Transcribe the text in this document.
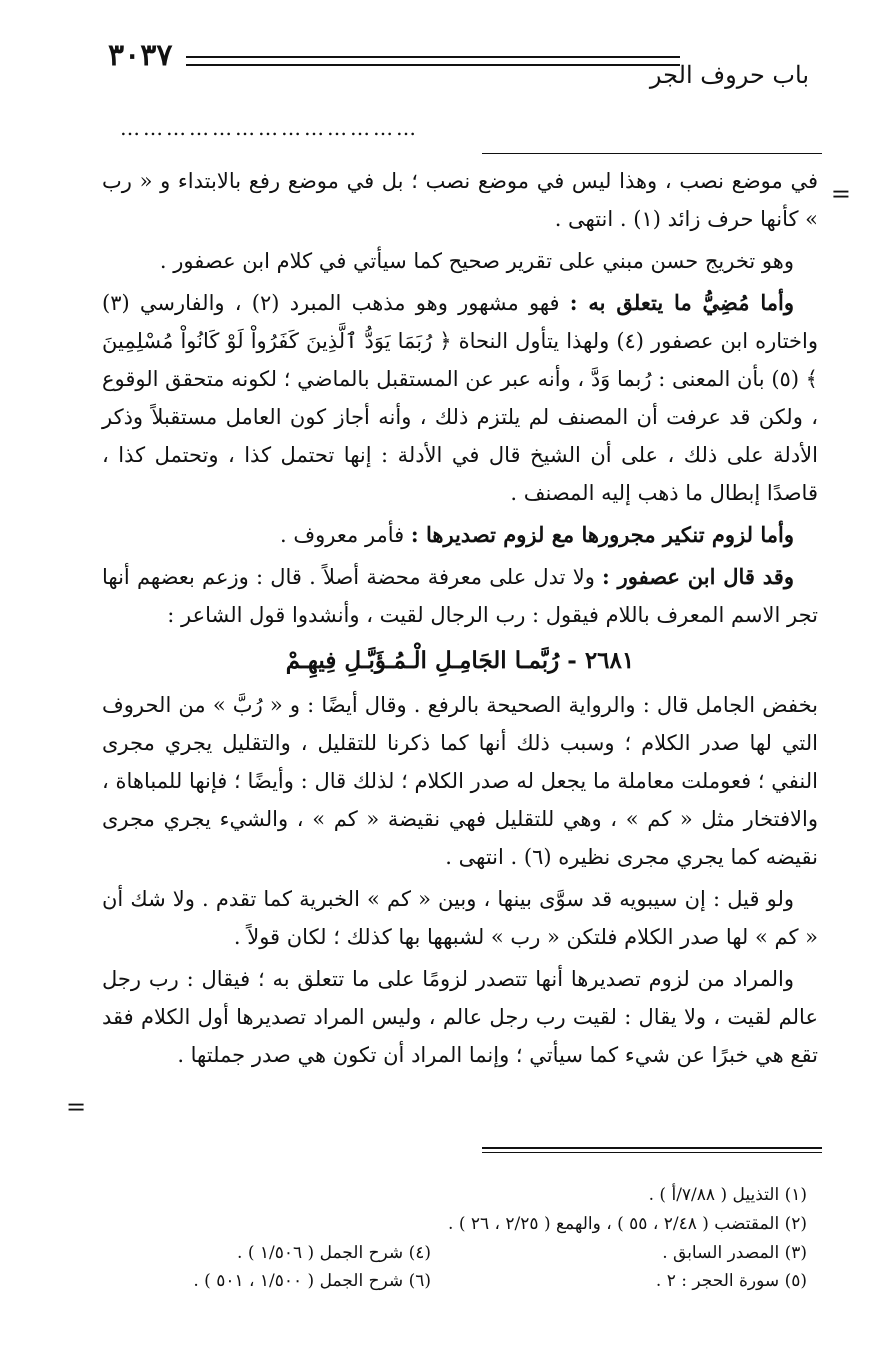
٣٠٣٧
باب حروف الجر
…………………………………
=

في موضع نصب ، وهذا ليس في موضع نصب ؛ بل في موضع رفع بالابتداء و « رب » كأنها حرف زائد (١) . انتهى .

وهو تخريج حسن مبني على تقرير صحيح كما سيأتي في كلام ابن عصفور .

وأما مُضِيُّ ما يتعلق به : فهو مشهور وهو مذهب المبرد (٢) ، والفارسي (٣) واختاره ابن عصفور (٤) ولهذا يتأول النحاة ﴿ رُبَمَا يَوَدُّ ٱلَّذِينَ كَفَرُواْ لَوْ كَانُواْ مُسْلِمِينَ ﴾ (٥) بأن المعنى : رُبما وَدَّ ، وأنه عبر عن المستقبل بالماضي ؛ لكونه متحقق الوقوع ، ولكن قد عرفت أن المصنف لم يلتزم ذلك ، وأنه أجاز كون العامل مستقبلاً وذكر الأدلة على ذلك ، على أن الشيخ قال في الأدلة : إنها تحتمل كذا ، وتحتمل كذا ، قاصدًا إبطال ما ذهب إليه المصنف .

وأما لزوم تنكير مجرورها مع لزوم تصديرها : فأمر معروف .

وقد قال ابن عصفور : ولا تدل على معرفة محضة أصلاً . قال : وزعم بعضهم أنها تجر الاسم المعرف باللام فيقول : رب الرجال لقيت ، وأنشدوا قول الشاعر :

٢٦٨١ - رُبَّمـا الجَامِـلِ الْـمُـؤَبَّـلِ فِيهِـمْ

بخفض الجامل قال : والرواية الصحيحة بالرفع . وقال أيضًا : و « رُبَّ » من الحروف التي لها صدر الكلام ؛ وسبب ذلك أنها كما ذكرنا للتقليل ، والتقليل يجري مجرى النفي ؛ فعوملت معاملة ما يجعل له صدر الكلام ؛ لذلك قال : وأيضًا ؛ فإنها للمباهاة ، والافتخار مثل « كم » ، وهي للتقليل فهي نقيضة « كم » ، والشيء يجري مجرى نقيضه كما يجري مجرى نظيره (٦) . انتهى .

ولو قيل : إن سيبويه قد سوَّى بينها ، وبين « كم » الخبرية كما تقدم . ولا شك أن « كم » لها صدر الكلام فلتكن « رب » لشبهها بها كذلك ؛ لكان قولاً .

والمراد من لزوم تصديرها أنها تتصدر لزومًا على ما تتعلق به ؛ فيقال : رب رجل عالم لقيت ، ولا يقال : لقيت رب رجل عالم ، وليس المراد تصديرها أول الكلام فقد تقع هي خبرًا عن شيء كما سيأتي ؛ وإنما المراد أن تكون هي صدر جملتها .

=
(١) التذييل ( ٧/٨٨/أ ) .
(٢) المقتضب ( ٢/٤٨ ، ٥٥ ) ، والهمع ( ٢/٢٥ ، ٢٦ ) .
(٣) المصدر السابق .
(٤) شرح الجمل ( ١/٥٠٦ ) .
(٥) سورة الحجر : ٢ .
(٦) شرح الجمل ( ١/٥٠٠ ، ٥٠١ ) .
